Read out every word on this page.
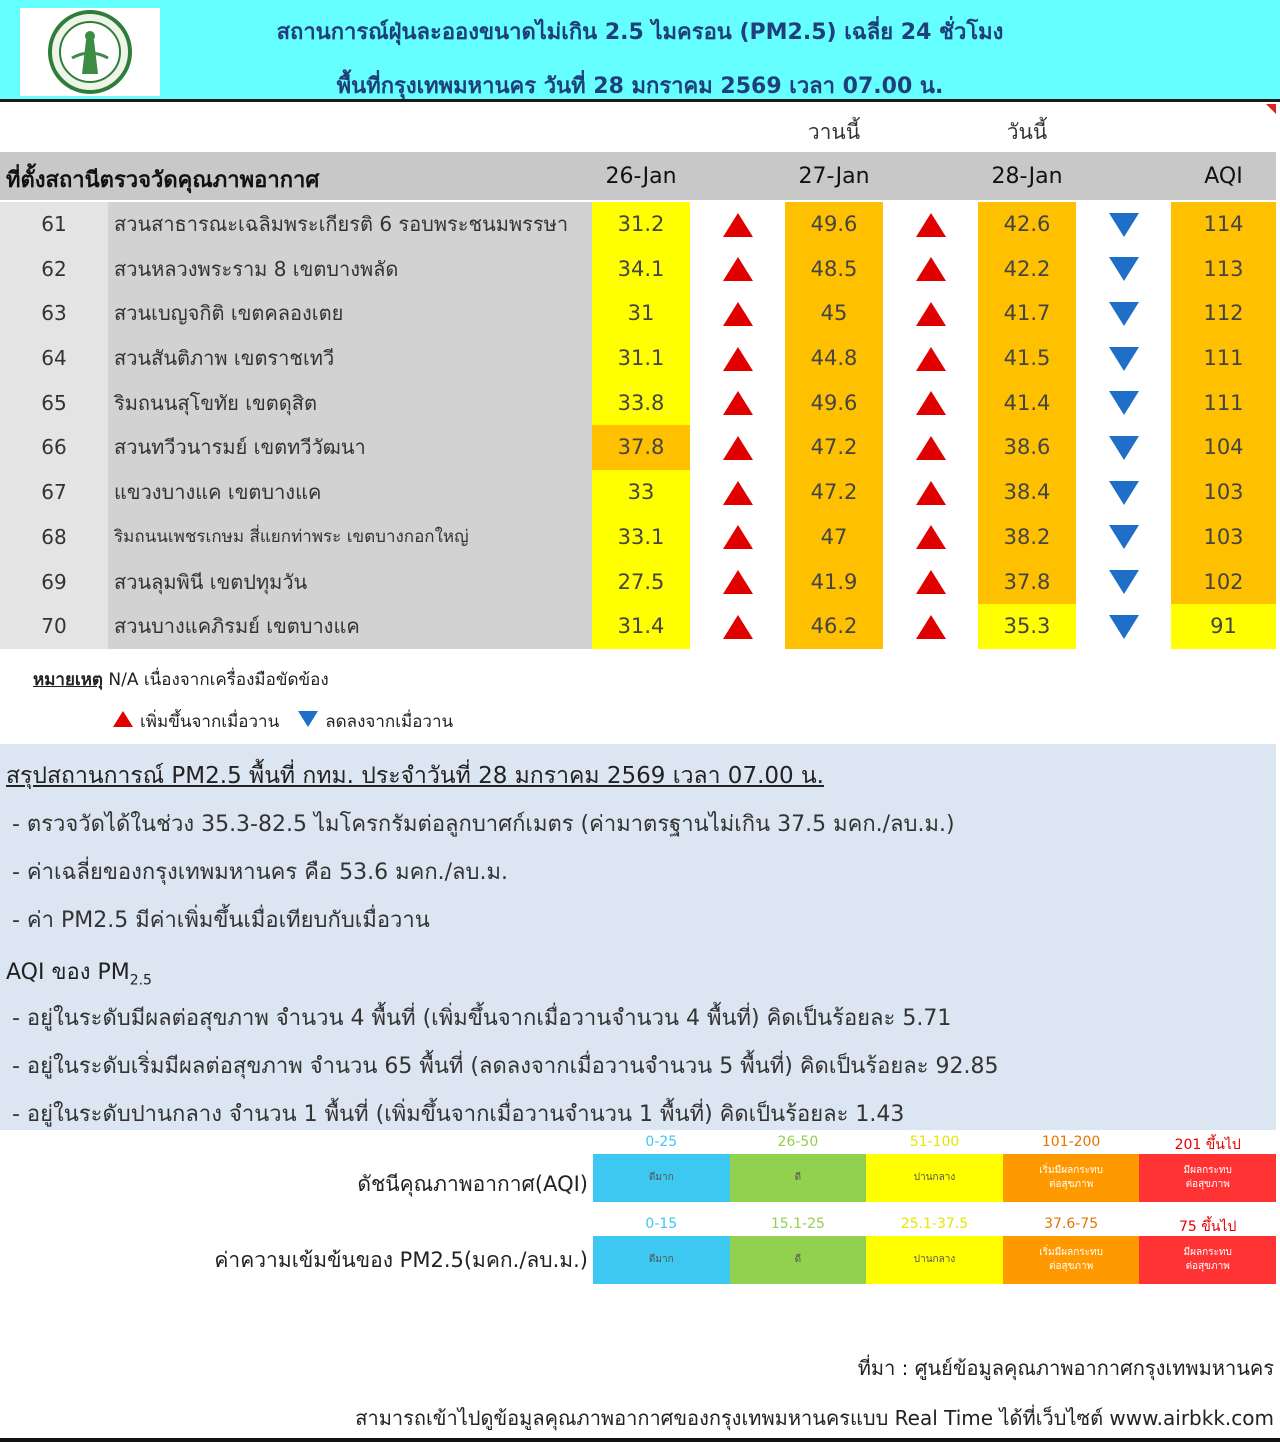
สถานการณ์ฝุ่นละอองขนาดไม่เกิน 2.5 ไมครอน (PM2.5) เฉลี่ย 24 ชั่วโมง
พื้นที่กรุงเทพมหานคร วันที่ 28 มกราคม 2569 เวลา 07.00 น.
วานนี้	วันนี้
ที่ตั้งสถานีตรวจวัดคุณภาพอากาศ	26-Jan	27-Jan	28-Jan	AQI
61	สวนสาธารณะเฉลิมพระเกียรติ 6 รอบพระชนมพรรษา	31.2	49.6	42.6	114
62	สวนหลวงพระราม 8 เขตบางพลัด	34.1	48.5	42.2	113
63	สวนเบญจกิติ เขตคลองเตย	31	45	41.7	112
64	สวนสันติภาพ เขตราชเทวี	31.1	44.8	41.5	111
65	ริมถนนสุโขทัย เขตดุสิต	33.8	49.6	41.4	111
66	สวนทวีวนารมย์ เขตทวีวัฒนา	37.8	47.2	38.6	104
67	แขวงบางแค เขตบางแค	33	47.2	38.4	103
68	ริมถนนเพชรเกษม สี่แยกท่าพระ เขตบางกอกใหญ่	33.1	47	38.2	103
69	สวนลุมพินี เขตปทุมวัน	27.5	41.9	37.8	102
70	สวนบางแคภิรมย์ เขตบางแค	31.4	46.2	35.3	91
หมายเหตุ N/A เนื่องจากเครื่องมือขัดข้อง
เพิ่มขึ้นจากเมื่อวาน	ลดลงจากเมื่อวาน
สรุปสถานการณ์ PM2.5 พื้นที่ กทม. ประจำวันที่ 28 มกราคม 2569 เวลา 07.00 น.
- ตรวจวัดได้ในช่วง 35.3-82.5 ไมโครกรัมต่อลูกบาศก์เมตร (ค่ามาตรฐานไม่เกิน 37.5 มคก./ลบ.ม.)
- ค่าเฉลี่ยของกรุงเทพมหานคร คือ 53.6 มคก./ลบ.ม.
- ค่า PM2.5 มีค่าเพิ่มขึ้นเมื่อเทียบกับเมื่อวาน
AQI ของ $PM_{2.5}$
- อยู่ในระดับมีผลต่อสุขภาพ จำนวน 4 พื้นที่ (เพิ่มขึ้นจากเมื่อวานจำนวน 4 พื้นที่) คิดเป็นร้อยละ 5.71
- อยู่ในระดับเริ่มมีผลต่อสุขภาพ จำนวน 65 พื้นที่ (ลดลงจากเมื่อวานจำนวน 5 พื้นที่) คิดเป็นร้อยละ 92.85
- อยู่ในระดับปานกลาง จำนวน 1 พื้นที่ (เพิ่มขึ้นจากเมื่อวานจำนวน 1 พื้นที่) คิดเป็นร้อยละ 1.43
ดัชนีคุณภาพอากาศ(AQI)
ค่าความเข้มข้นของ PM2.5(มคก./ลบ.ม.)
0-25
ดีมาก
26-50
ดี
51-100
ปานกลาง
101-200
เริ่มมีผลกระทบ
ต่อสุขภาพ
201 ขึ้นไป
มีผลกระทบ
ต่อสุขภาพ
0-15
ดีมาก
15.1-25
ดี
25.1-37.5
ปานกลาง
37.6-75
เริ่มมีผลกระทบ
ต่อสุขภาพ
75 ขึ้นไป
มีผลกระทบ
ต่อสุขภาพ
ที่มา : ศูนย์ข้อมูลคุณภาพอากาศกรุงเทพมหานคร
สามารถเข้าไปดูข้อมูลคุณภาพอากาศของกรุงเทพมหานครแบบ Real Time ได้ที่เว็บไซต์ www.airbkk.com
